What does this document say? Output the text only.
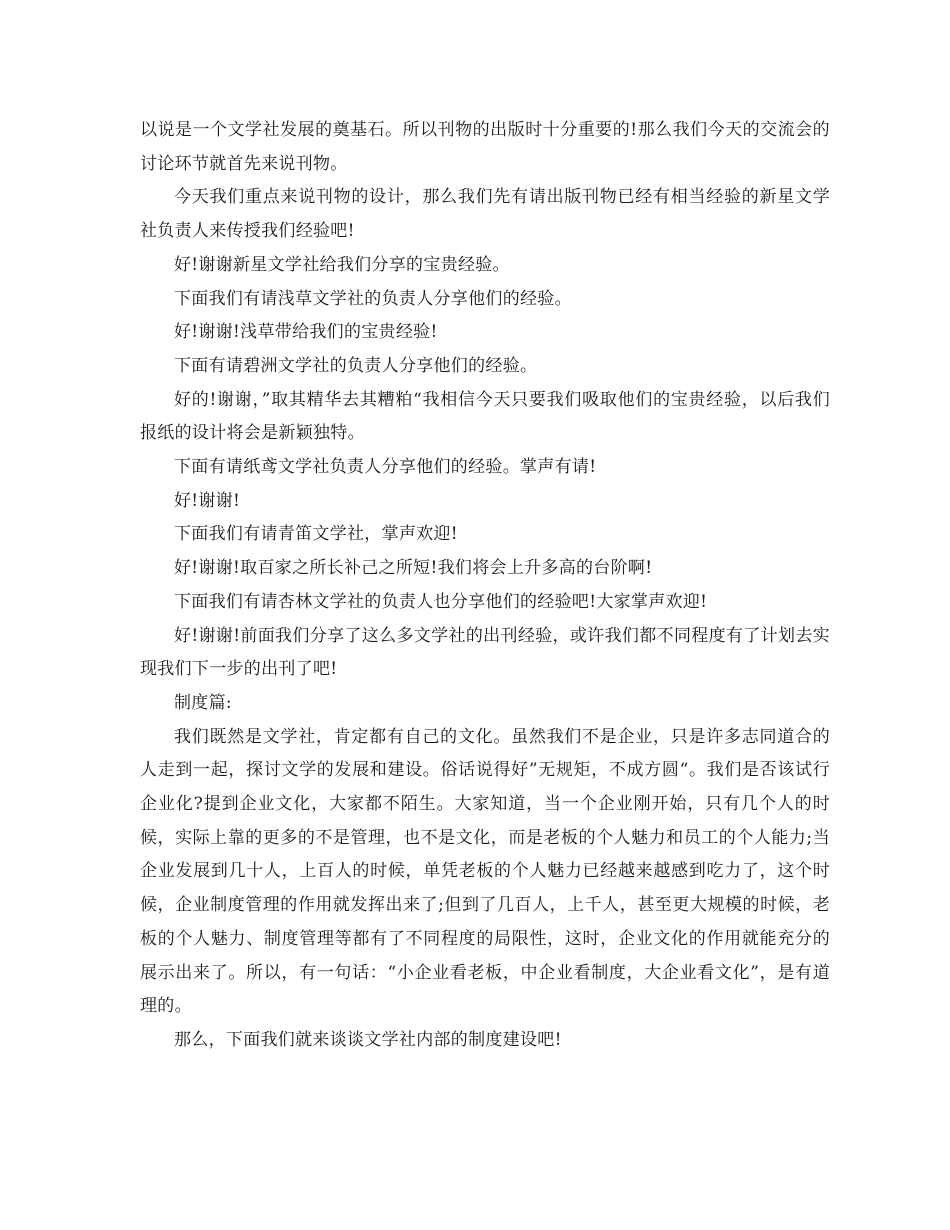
以说是一个文学社发展的奠基石。所以刊物的出版时十分重要的!那么我们今天的交流会的讨论环节就首先来说刊物。

今天我们重点来说刊物的设计，那么我们先有请出版刊物已经有相当经验的新星文学社负责人来传授我们经验吧!

好!谢谢新星文学社给我们分享的宝贵经验。

下面我们有请浅草文学社的负责人分享他们的经验。

好!谢谢!浅草带给我们的宝贵经验!

下面有请碧洲文学社的负责人分享他们的经验。

好的!谢谢，”取其精华去其糟粕“我相信今天只要我们吸取他们的宝贵经验，以后我们报纸的设计将会是新颖独特。

下面有请纸鸢文学社负责人分享他们的经验。掌声有请!

好!谢谢!

下面我们有请青笛文学社，掌声欢迎!

好!谢谢!取百家之所长补己之所短!我们将会上升多高的台阶啊!

下面我们有请杏林文学社的负责人也分享他们的经验吧!大家掌声欢迎!

好!谢谢!前面我们分享了这么多文学社的出刊经验，或许我们都不同程度有了计划去实现我们下一步的出刊了吧!

制度篇:

我们既然是文学社，肯定都有自己的文化。虽然我们不是企业，只是许多志同道合的人走到一起，探讨文学的发展和建设。俗话说得好”无规矩，不成方圆“。我们是否该试行企业化?提到企业文化，大家都不陌生。大家知道，当一个企业刚开始，只有几个人的时候，实际上靠的更多的不是管理，也不是文化，而是老板的个人魅力和员工的个人能力;当企业发展到几十人，上百人的时候，单凭老板的个人魅力已经越来越感到吃力了，这个时候，企业制度管理的作用就发挥出来了;但到了几百人，上千人，甚至更大规模的时候，老板的个人魅力、制度管理等都有了不同程度的局限性，这时，企业文化的作用就能充分的展示出来了。所以，有一句话：“小企业看老板，中企业看制度，大企业看文化”，是有道理的。

那么，下面我们就来谈谈文学社内部的制度建设吧!
